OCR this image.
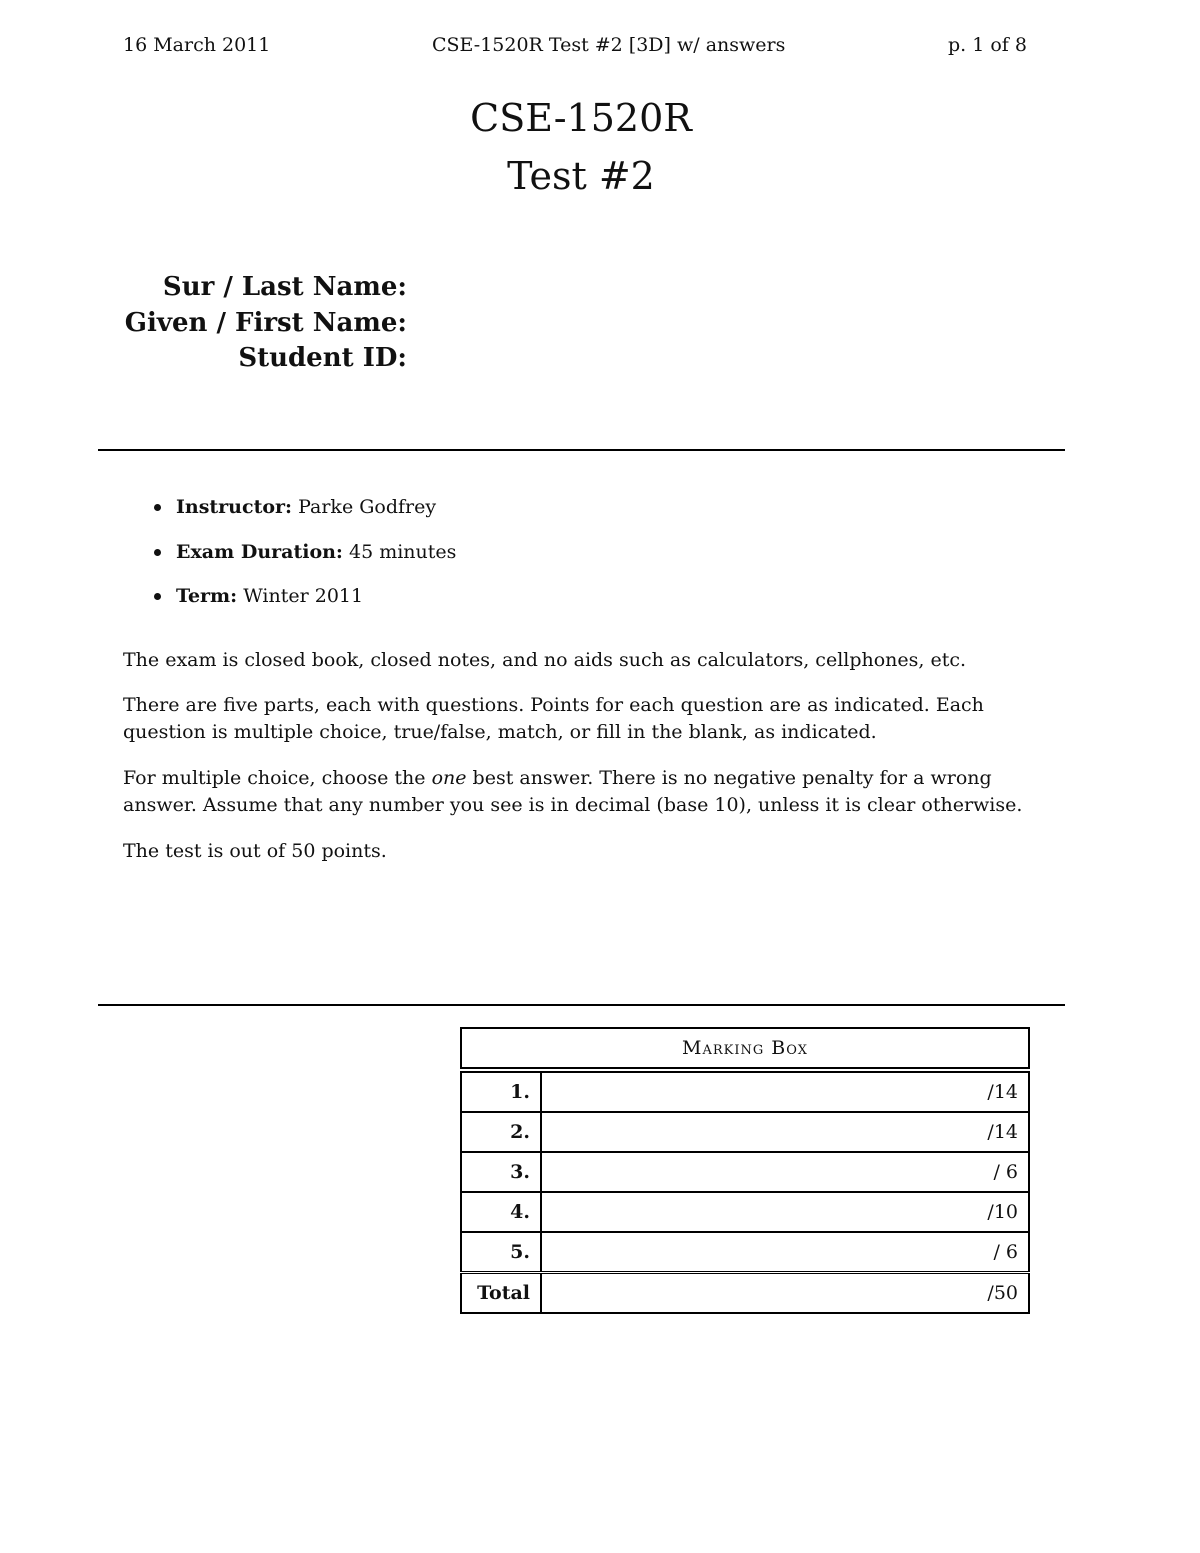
16 March 2011	CSE-1520R Test #2 [3D] w/ answers	p. 1 of 8
CSE-1520R
Test #2
Sur / Last Name:
Given / First Name:
Student ID:
Instructor: Parke Godfrey
Exam Duration: 45 minutes
Term: Winter 2011
The exam is closed book, closed notes, and no aids such as calculators, cellphones, etc.
There are five parts, each with questions. Points for each question are as indicated. Each question is multiple choice, true/false, match, or fill in the blank, as indicated.
For multiple choice, choose the one best answer. There is no negative penalty for a wrong answer. Assume that any number you see is in decimal (base 10), unless it is clear otherwise.
The test is out of 50 points.
Marking Box	

1.	/14
2.	/14
3.	/ 6
4.	/10
5.	/ 6
Total	/50
